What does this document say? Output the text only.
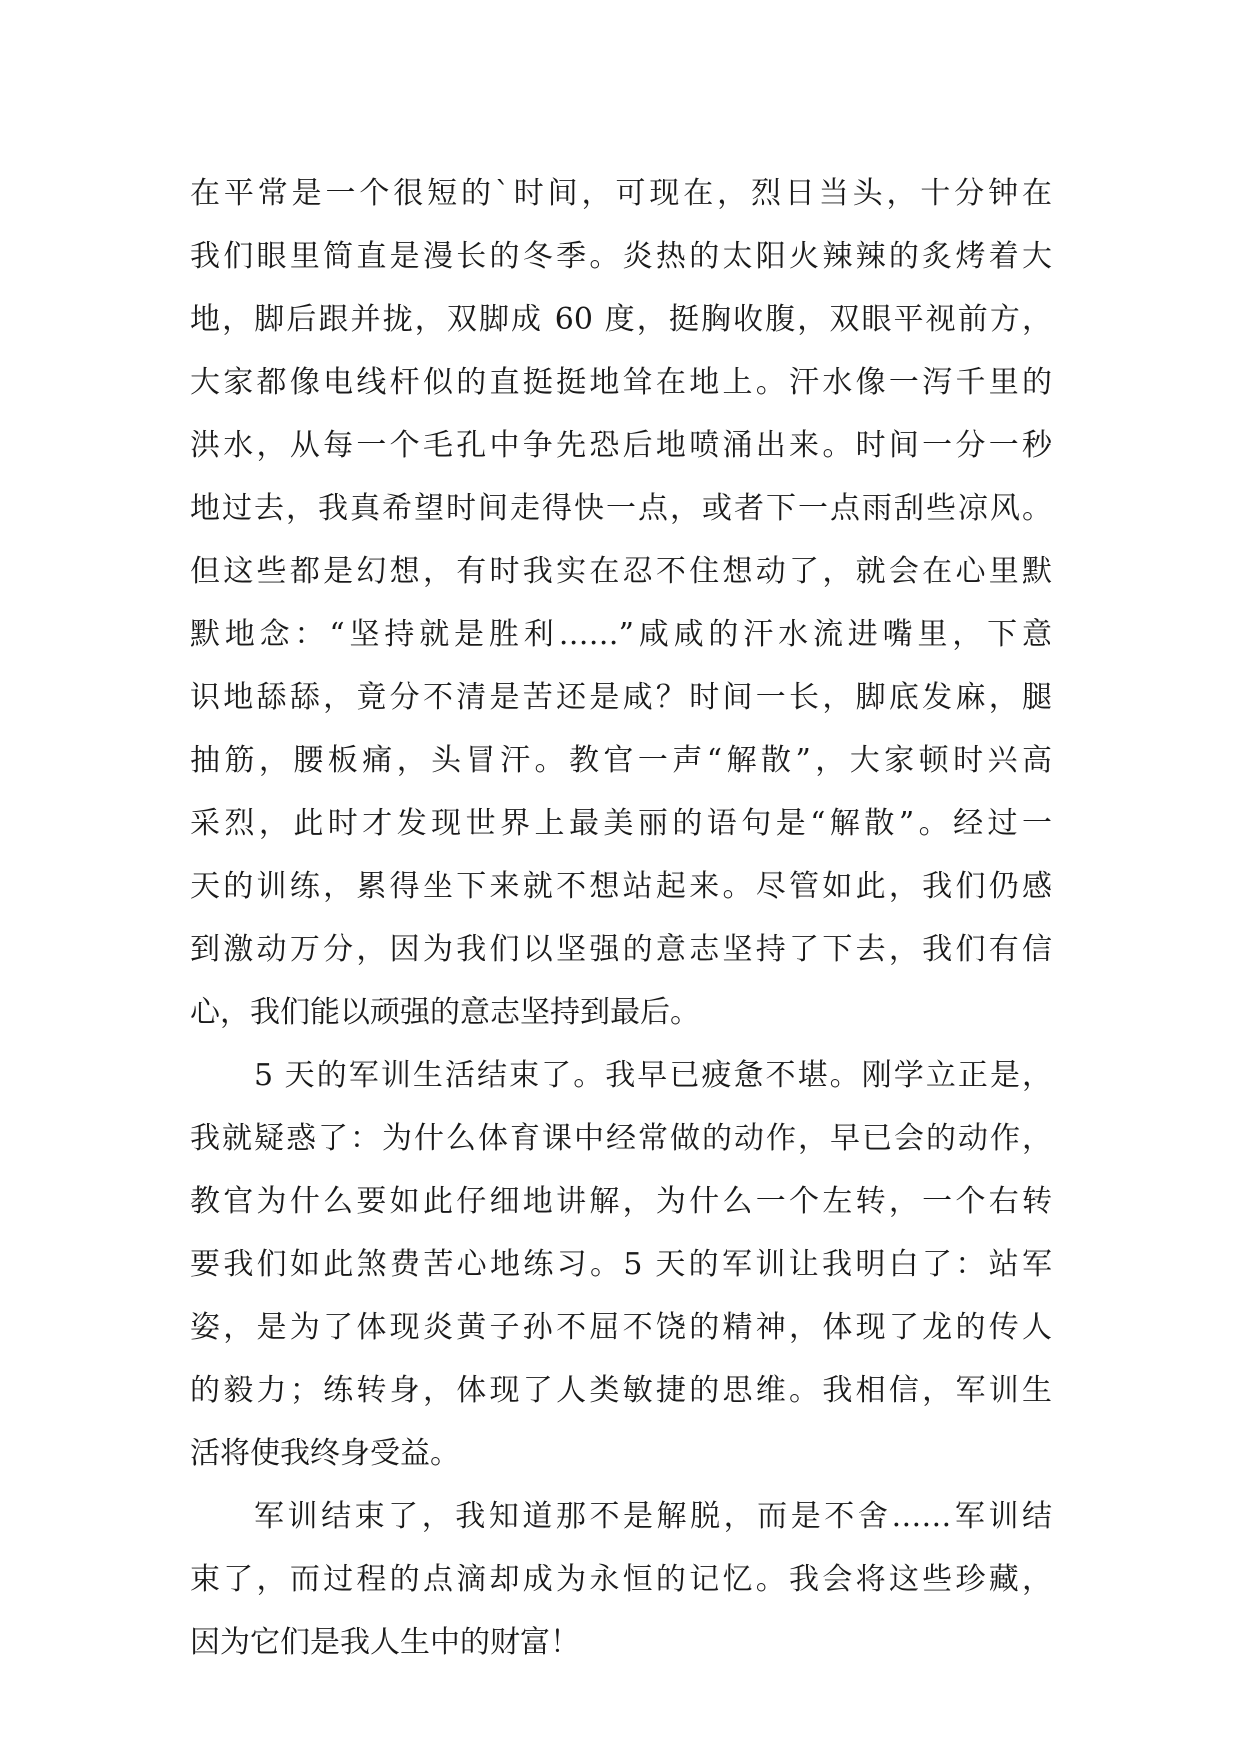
在平常是一个很短的`时间，可现在，烈日当头，十分钟在
我们眼里简直是漫长的冬季。炎热的太阳火辣辣的炙烤着大
地，脚后跟并拢，双脚成 60 度，挺胸收腹，双眼平视前方，
大家都像电线杆似的直挺挺地耸在地上。汗水像一泻千里的
洪水，从每一个毛孔中争先恐后地喷涌出来。时间一分一秒
地过去，我真希望时间走得快一点，或者下一点雨刮些凉风。
但这些都是幻想，有时我实在忍不住想动了，就会在心里默
默地念：“坚持就是胜利……”咸咸的汗水流进嘴里，下意
识地舔舔，竟分不清是苦还是咸？时间一长，脚底发麻，腿
抽筋，腰板痛，头冒汗。教官一声“解散”，大家顿时兴高
采烈，此时才发现世界上最美丽的语句是“解散”。经过一
天的训练，累得坐下来就不想站起来。尽管如此，我们仍感
到激动万分，因为我们以坚强的意志坚持了下去，我们有信
心，我们能以顽强的意志坚持到最后。
5 天的军训生活结束了。我早已疲惫不堪。刚学立正是，
我就疑惑了：为什么体育课中经常做的动作，早已会的动作，
教官为什么要如此仔细地讲解，为什么一个左转，一个右转
要我们如此煞费苦心地练习。5 天的军训让我明白了：站军
姿，是为了体现炎黄子孙不屈不饶的精神，体现了龙的传人
的毅力；练转身，体现了人类敏捷的思维。我相信，军训生
活将使我终身受益。
军训结束了，我知道那不是解脱，而是不舍……军训结
束了，而过程的点滴却成为永恒的记忆。我会将这些珍藏，
因为它们是我人生中的财富！
